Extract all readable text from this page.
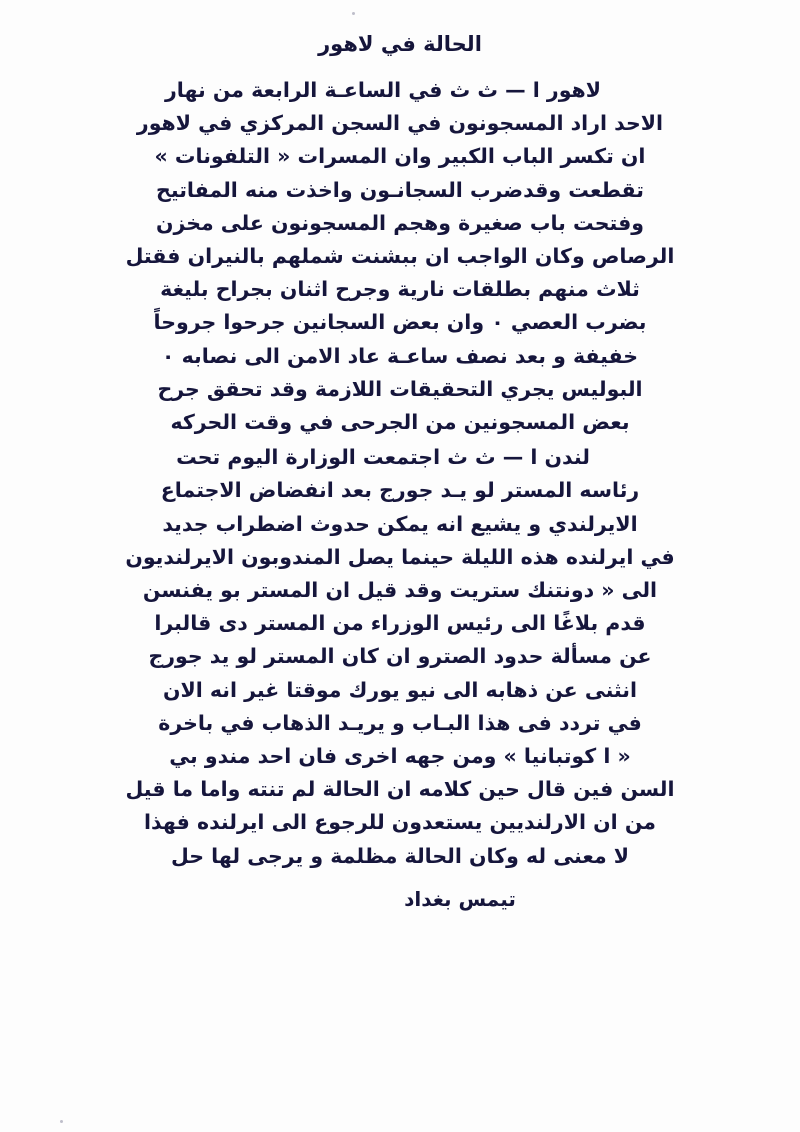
الحالة في لاهور

لاهور ا — ث ث في الساعـة الرابعة من نهار
الاحد اراد المسجونون في السجن المركزي في لاهور
ان تكسر الباب الكبير وان المسرات « التلفونات »
تقطعت وقدضرب السجانـون واخذت منه المفاتيح
وفتحت باب صغيرة وهجم المسجونون على مخزن
الرصاص وكان الواجب ان ببشنت شملهم بالنيران فقتل
ثلاث منهم بطلقات نارية وجرح اثنان بجراح بليغة
بضرب العصي ٠ وان بعض السجانين جرحوا جروحاً
خفيفة و بعد نصف ساعـة عاد الامن الى نصابه ٠
البوليس يجري التحقيقات اللازمة وقد تحقق جرح
بعض المسجونين من الجرحى في وقت الحركه

لندن ا — ث ث اجتمعت الوزارة اليوم تحت
رئاسه المستر لو يـد جورج بعد انفضاض الاجتماع
الايرلندي و يشيع انه يمكن حدوث اضطراب جديد
في ايرلنده هذه الليلة حينما يصل المندوبون الايرلنديون
الى « دونتنك ستريت وقد قيل ان المستر بو يفنسن
قدم بلاغًا الى رئيس الوزراء من المستر دى قالبرا
عن مسألة حدود الصترو ان كان المستر لو يد جورج
انثنى عن ذهابه الى نيو يورك موقتا غير انه الان
في تردد فى هذا البـاب و يريـد الذهاب في باخرة
« ا كوتبانيا » ومن جهه اخرى فان احد مندو بي
السن فين قال حين كلامه ان الحالة لم تنته واما ما قيل
من ان الارلنديين يستعدون للرجوع الى ايرلنده فهذا
لا معنى له وكان الحالة مظلمة و يرجى لها حل

تيمس بغداد
